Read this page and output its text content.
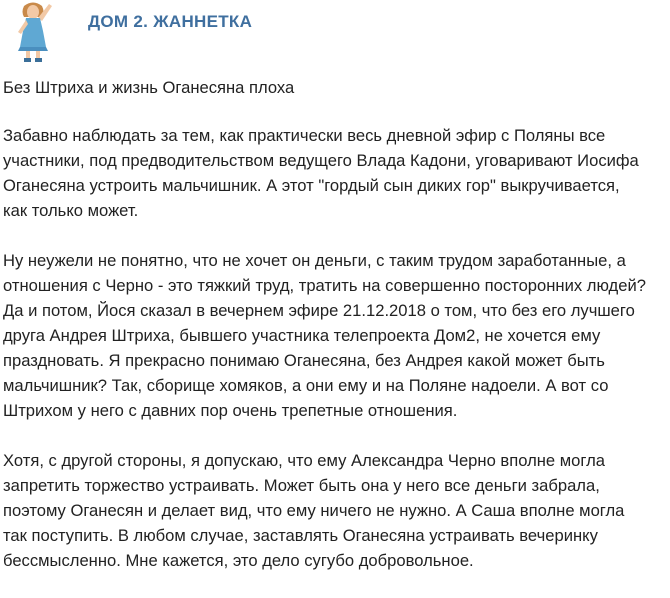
ДОМ 2. ЖАННЕТКА

Без Штриха и жизнь Оганесяна плоха

Забавно наблюдать за тем, как практически весь дневной эфир с Поляны все
участники, под предводительством ведущего Влада Кадони, уговаривают Иосифа
Оганесяна устроить мальчишник. А этот "гордый сын диких гор" выкручивается,
как только может.

Ну неужели не понятно, что не хочет он деньги, с таким трудом заработанные, а
отношения с Черно - это тяжкий труд, тратить на совершенно посторонних людей?
Да и потом, Йося сказал в вечернем эфире 21.12.2018 о том, что без его лучшего
друга Андрея Штриха, бывшего участника телепроекта Дом2, не хочется ему
праздновать. Я прекрасно понимаю Оганесяна, без Андрея какой может быть
мальчишник? Так, сборище хомяков, а они ему и на Поляне надоели. А вот со
Штрихом у него с давних пор очень трепетные отношения.

Хотя, с другой стороны, я допускаю, что ему Александра Черно вполне могла
запретить торжество устраивать. Может быть она у него все деньги забрала,
поэтому Оганесян и делает вид, что ему ничего не нужно. А Саша вполне могла
так поступить. В любом случае, заставлять Оганесяна устраивать вечеринку
бессмысленно. Мне кажется, это дело сугубо добровольное.
